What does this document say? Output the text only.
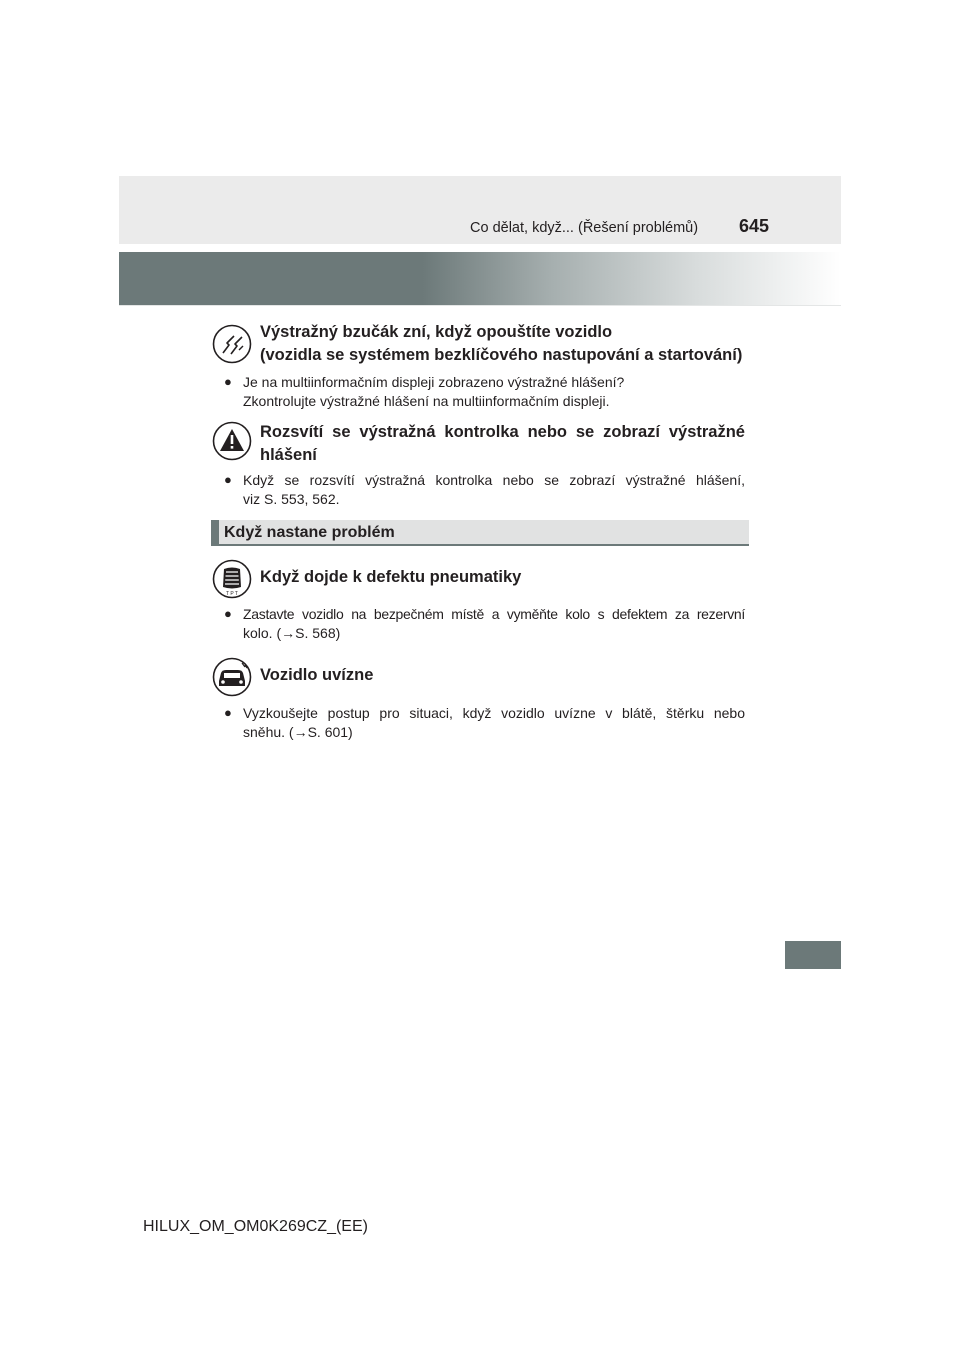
Co dělat, když... (Řešení problémů) 645
Výstražný bzučák zní, když opouštíte vozidlo
(vozidla se systémem bezklíčového nastupování a startování)
● Je na multiinformačním displeji zobrazeno výstražné hlášení?
Zkontrolujte výstražné hlášení na multiinformačním displeji.
Rozsvítí se výstražná kontrolka nebo se zobrazí výstražné
hlášení
● Když se rozsvítí výstražná kontrolka nebo se zobrazí výstražné hlášení,
viz S. 553, 562.
Když nastane problém
T P T
Když dojde k defektu pneumatiky
● Zastavte vozidlo na bezpečném místě a vyměňte kolo s defektem za rezervní
kolo. (→S. 568)
Vozidlo uvízne
● Vyzkoušejte postup pro situaci, když vozidlo uvízne v blátě, štěrku nebo
sněhu. (→S. 601)
HILUX_OM_OM0K269CZ_(EE)
